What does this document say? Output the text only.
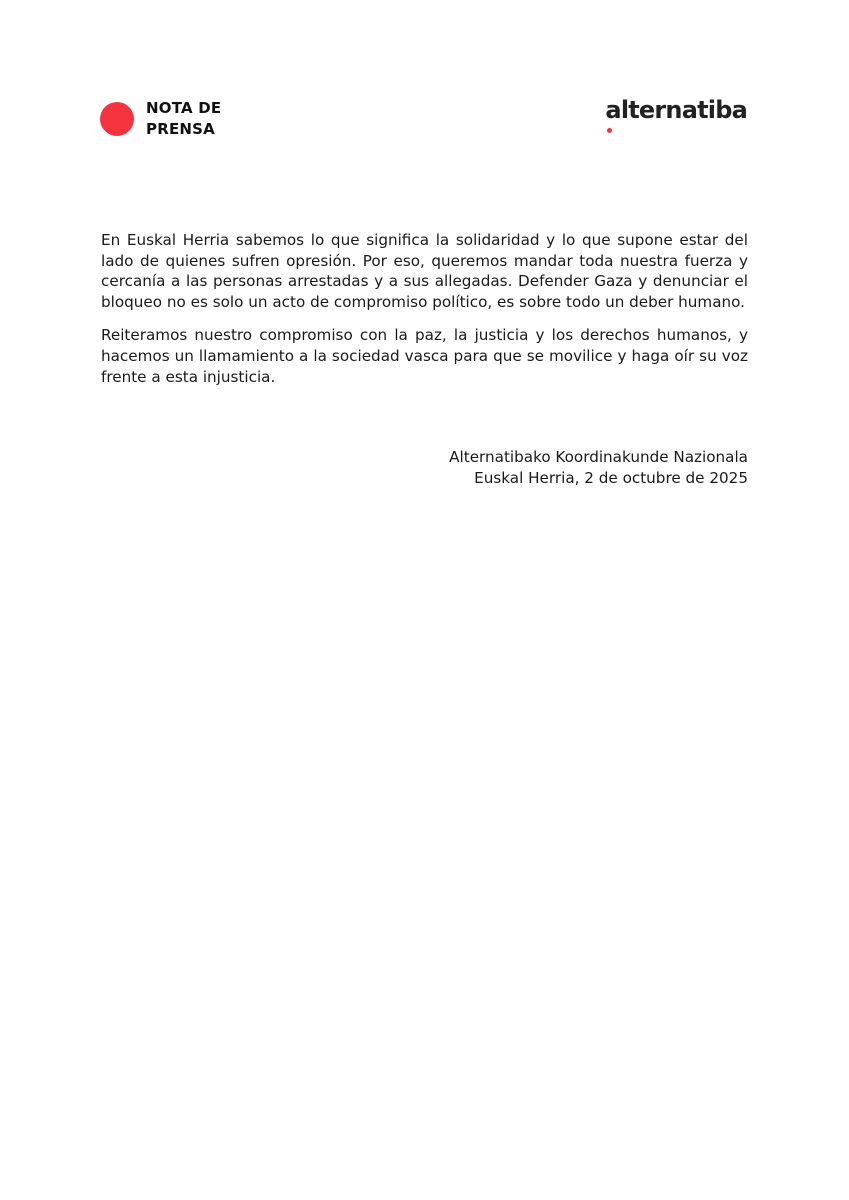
NOTA DE
PRENSA
alternatiba

En Euskal Herria sabemos lo que significa la solidaridad y lo que supone estar del lado de quienes sufren opresión. Por eso, queremos mandar toda nuestra fuerza y cercanía a las personas arrestadas y a sus allegadas. Defender Gaza y denunciar el bloqueo no es solo un acto de compromiso político, es sobre todo un deber humano.

Reiteramos nuestro compromiso con la paz, la justicia y los derechos humanos, y hacemos un llamamiento a la sociedad vasca para que se movilice y haga oír su voz frente a esta injusticia.

Alternatibako Koordinakunde Nazionala
Euskal Herria, 2 de octubre de 2025
